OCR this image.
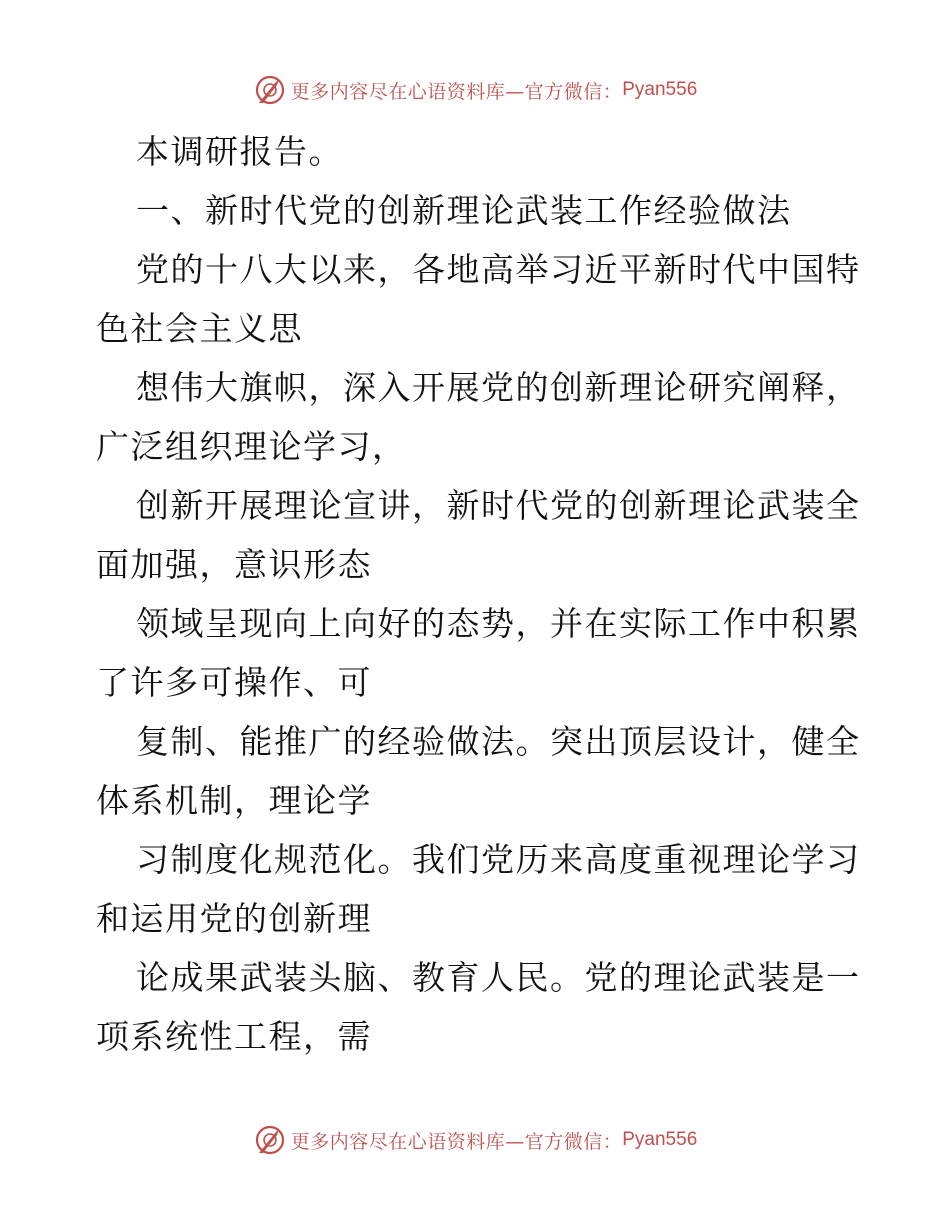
更多内容尽在心语资料库—官方微信： Pyan556
本调研报告。
一、新时代党的创新理论武装工作经验做法
党的十八大以来，各地高举习近平新时代中国特
色社会主义思
想伟大旗帜，深入开展党的创新理论研究阐释，
广泛组织理论学习，
创新开展理论宣讲，新时代党的创新理论武装全
面加强，意识形态
领域呈现向上向好的态势，并在实际工作中积累
了许多可操作、可
复制、能推广的经验做法。突出顶层设计，健全
体系机制，理论学
习制度化规范化。我们党历来高度重视理论学习
和运用党的创新理
论成果武装头脑、教育人民。党的理论武装是一
项系统性工程，需
更多内容尽在心语资料库—官方微信： Pyan556
